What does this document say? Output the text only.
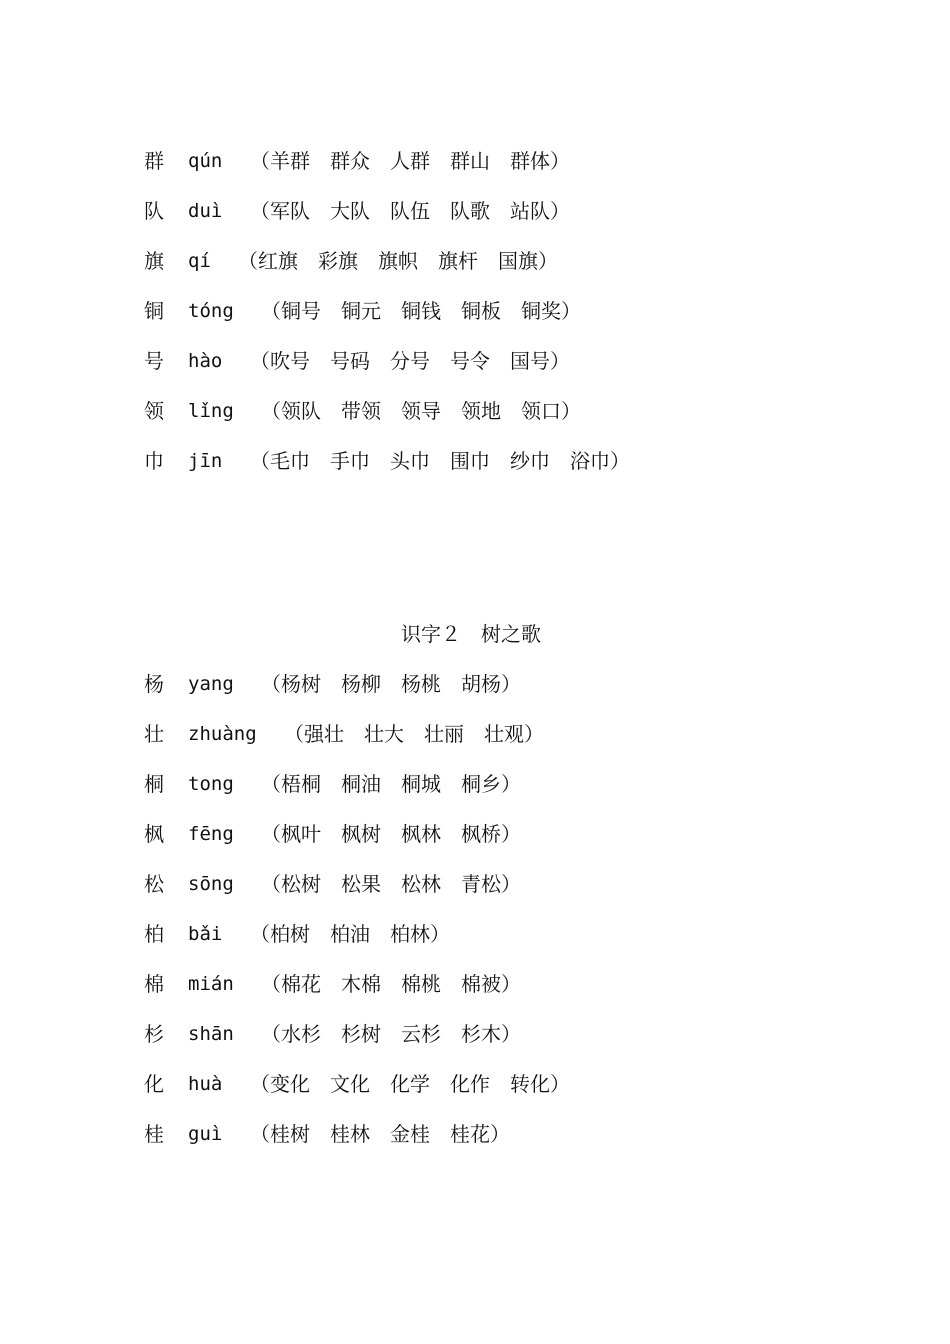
群 qún （羊群　群众　人群　群山　群体）
队 duì （军队　大队　队伍　队歌　站队）
旗 qí （红旗　彩旗　旗帜　旗杆　国旗）
铜 tóng （铜号　铜元　铜钱　铜板　铜奖）
号 hào （吹号　号码　分号　号令　国号）
领 lǐng （领队　带领　领导　领地　领口）
巾 jīn （毛巾　手巾　头巾　围巾　纱巾　浴巾）
识字２　树之歌
杨 yang （杨树　杨柳　杨桃　胡杨）
壮 zhuàng （强壮　壮大　壮丽　壮观）
桐 tong （梧桐　桐油　桐城　桐乡）
枫 fēng （枫叶　枫树　枫林　枫桥）
松 sōng （松树　松果　松林　青松）
柏 bǎi （柏树　柏油　柏林）
棉 mián （棉花　木棉　棉桃　棉被）
杉 shān （水杉　杉树　云杉　杉木）
化 huà （变化　文化　化学　化作　转化）
桂 guì （桂树　桂林　金桂　桂花）
